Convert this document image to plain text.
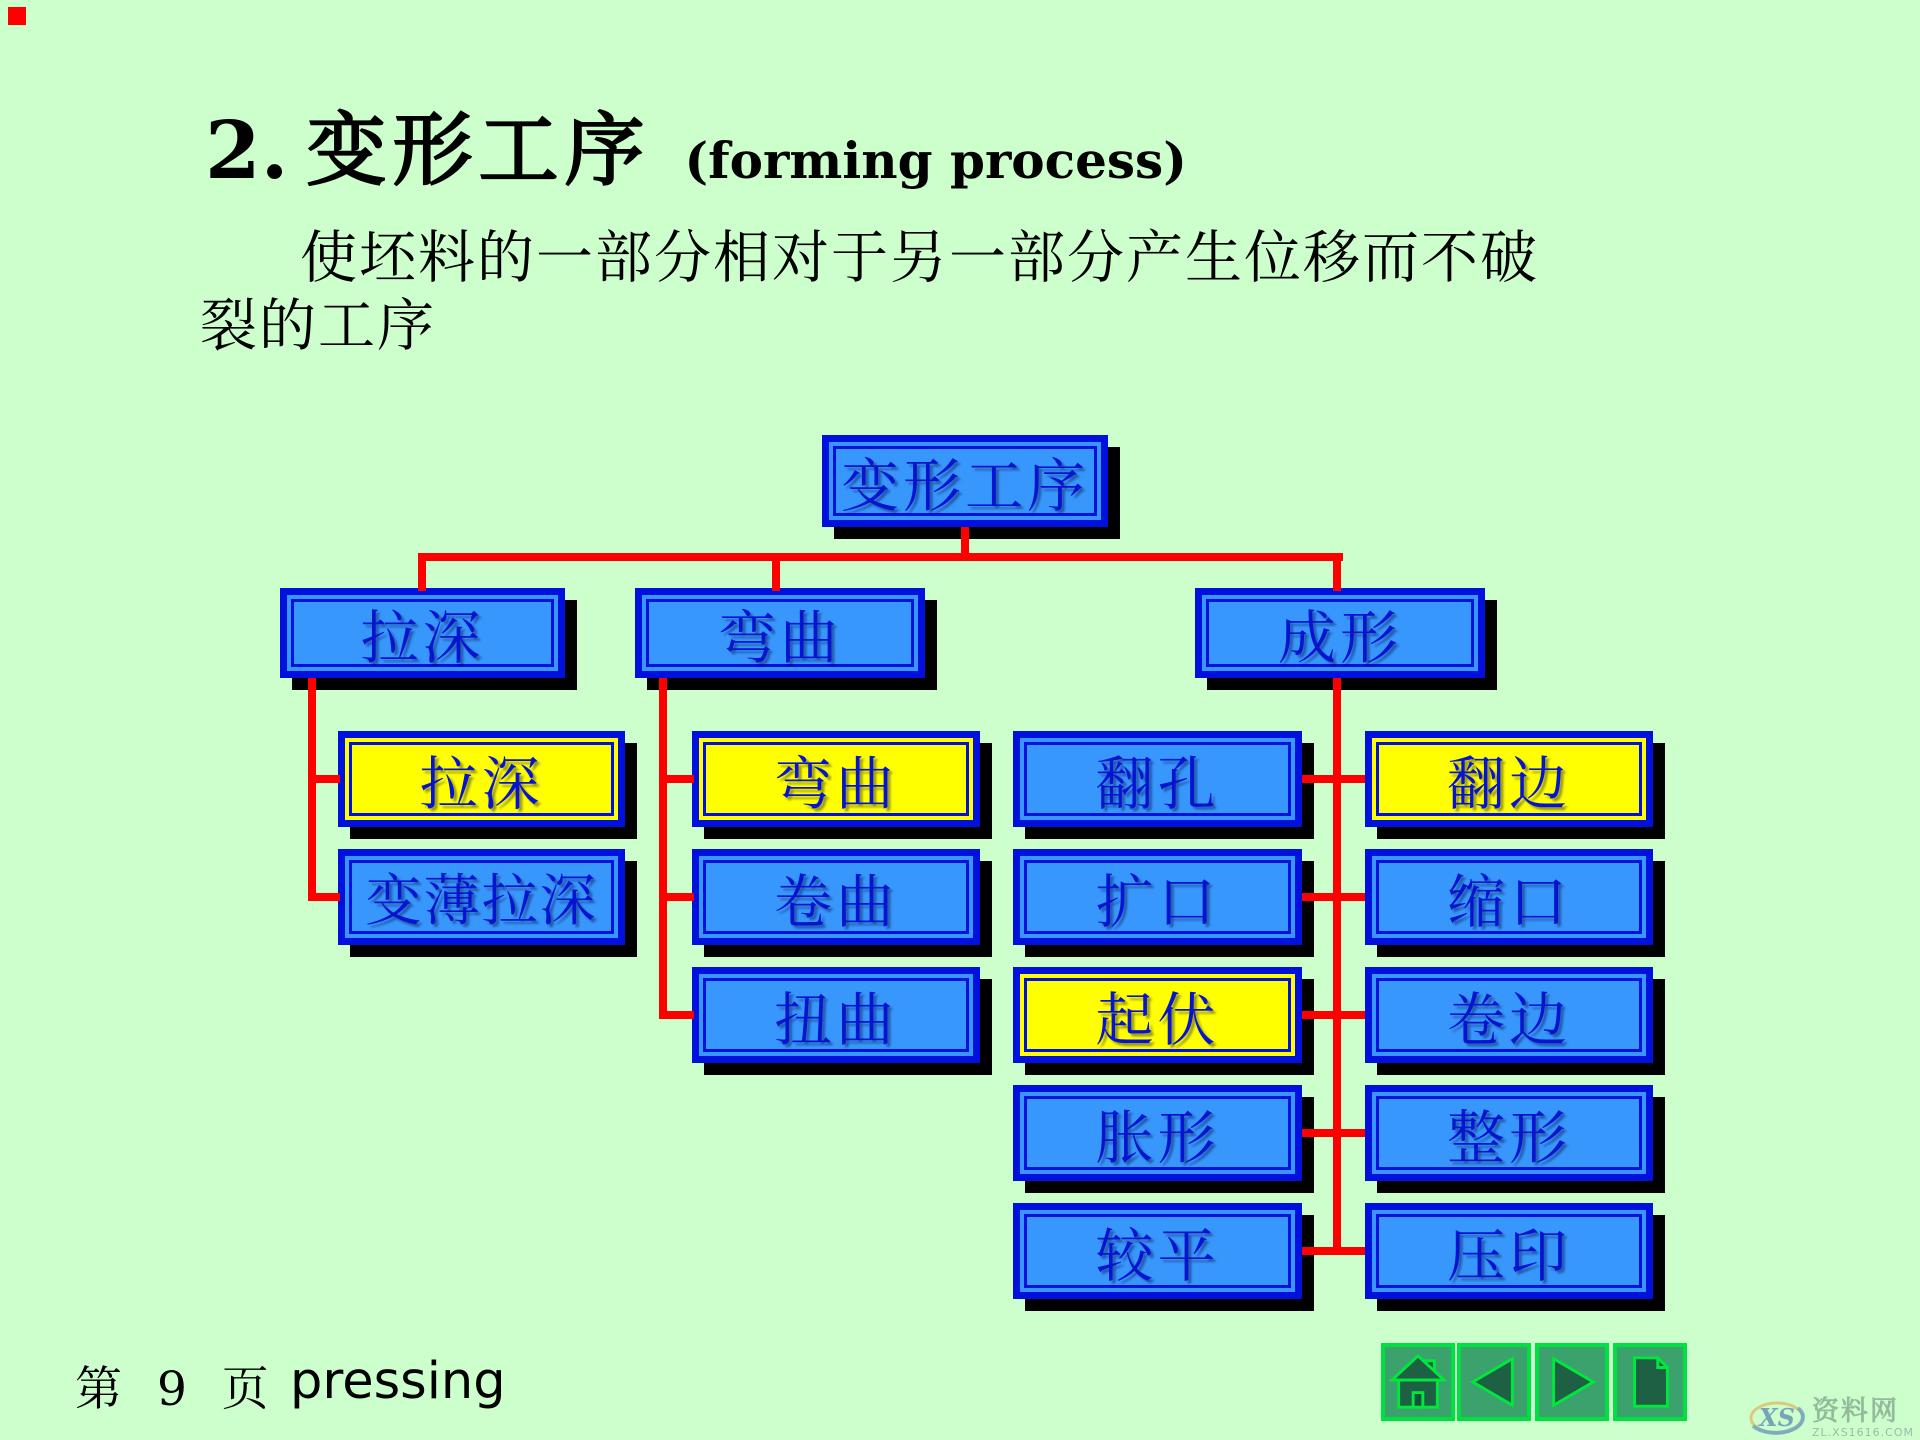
2. 变形工序 (forming process)
使坯料的一部分相对于另一部分产生位移而不破
裂的工序
变形工序
拉深	弯曲	成形
拉深
变薄拉深
弯曲
卷曲
扭曲
翻孔
扩口
起伏
胀形
较平
翻边
缩口
卷边
整形
压印
第 9 页 pressing
XS 资料网
ZL.XS1616.COM
